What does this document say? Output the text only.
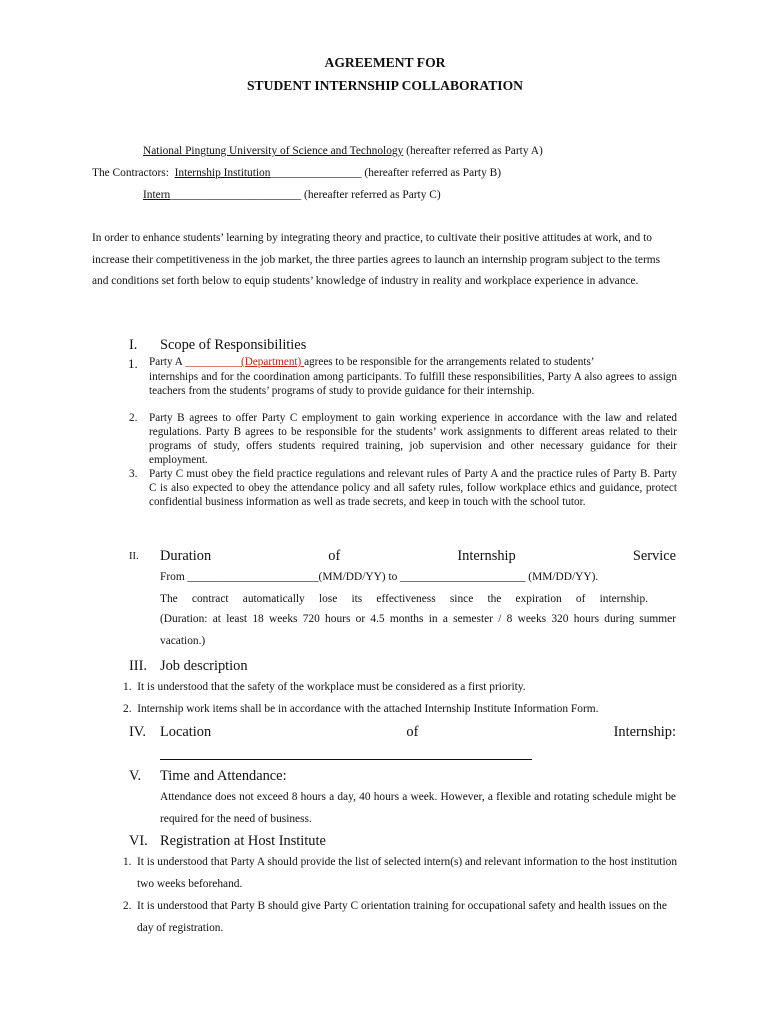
AGREEMENT FOR
STUDENT INTERNSHIP COLLABORATION
National Pingtung University of Science and Technology (hereafter referred as Party A)
The Contractors: Internship Institution________________ (hereafter referred as Party B)
Intern_______________________ (hereafter referred as Party C)
In order to enhance students’ learning by integrating theory and practice, to cultivate their positive attitudes at work, and to increase their competitiveness in the job market, the three parties agrees to launch an internship program subject to the terms and conditions set forth below to equip students’ knowledge of industry in reality and workplace experience in advance.
I. Scope of Responsibilities
1. Party A __________(Department) agrees to be responsible for the arrangements related to students’
internships and for the coordination among participants. To fulfill these responsibilities, Party A also agrees to assign teachers from the students’ programs of study to provide guidance for their internship.
2. Party B agrees to offer Party C employment to gain working experience in accordance with the law and related regulations. Party B agrees to be responsible for the students’ work assignments to different areas related to their programs of study, offers students required training, job supervision and other necessary guidance for their employment.
3. Party C must obey the field practice regulations and relevant rules of Party A and the practice rules of Party B. Party C is also expected to obey the attendance policy and all safety rules, follow workplace ethics and guidance, protect confidential business information as well as trade secrets, and keep in touch with the school tutor.
II. Duration	of	Internship	Service
From _______________________(MM/DD/YY) to ______________________ (MM/DD/YY).
The contract automatically lose its effectiveness since the expiration of internship.
(Duration: at least 18 weeks 720 hours or 4.5 months in a semester / 8 weeks 320 hours during summer vacation.)
III. Job description
1. It is understood that the safety of the workplace must be considered as a first priority.
2. Internship work items shall be in accordance with the attached Internship Institute Information Form.
IV. Location	of	Internship:
V. Time and Attendance:
Attendance does not exceed 8 hours a day, 40 hours a week. However, a flexible and rotating schedule might be required for the need of business.
VI. Registration at Host Institute
1. It is understood that Party A should provide the list of selected intern(s) and relevant information to the host institution two weeks beforehand.
2. It is understood that Party B should give Party C orientation training for occupational safety and health issues on the day of registration.
